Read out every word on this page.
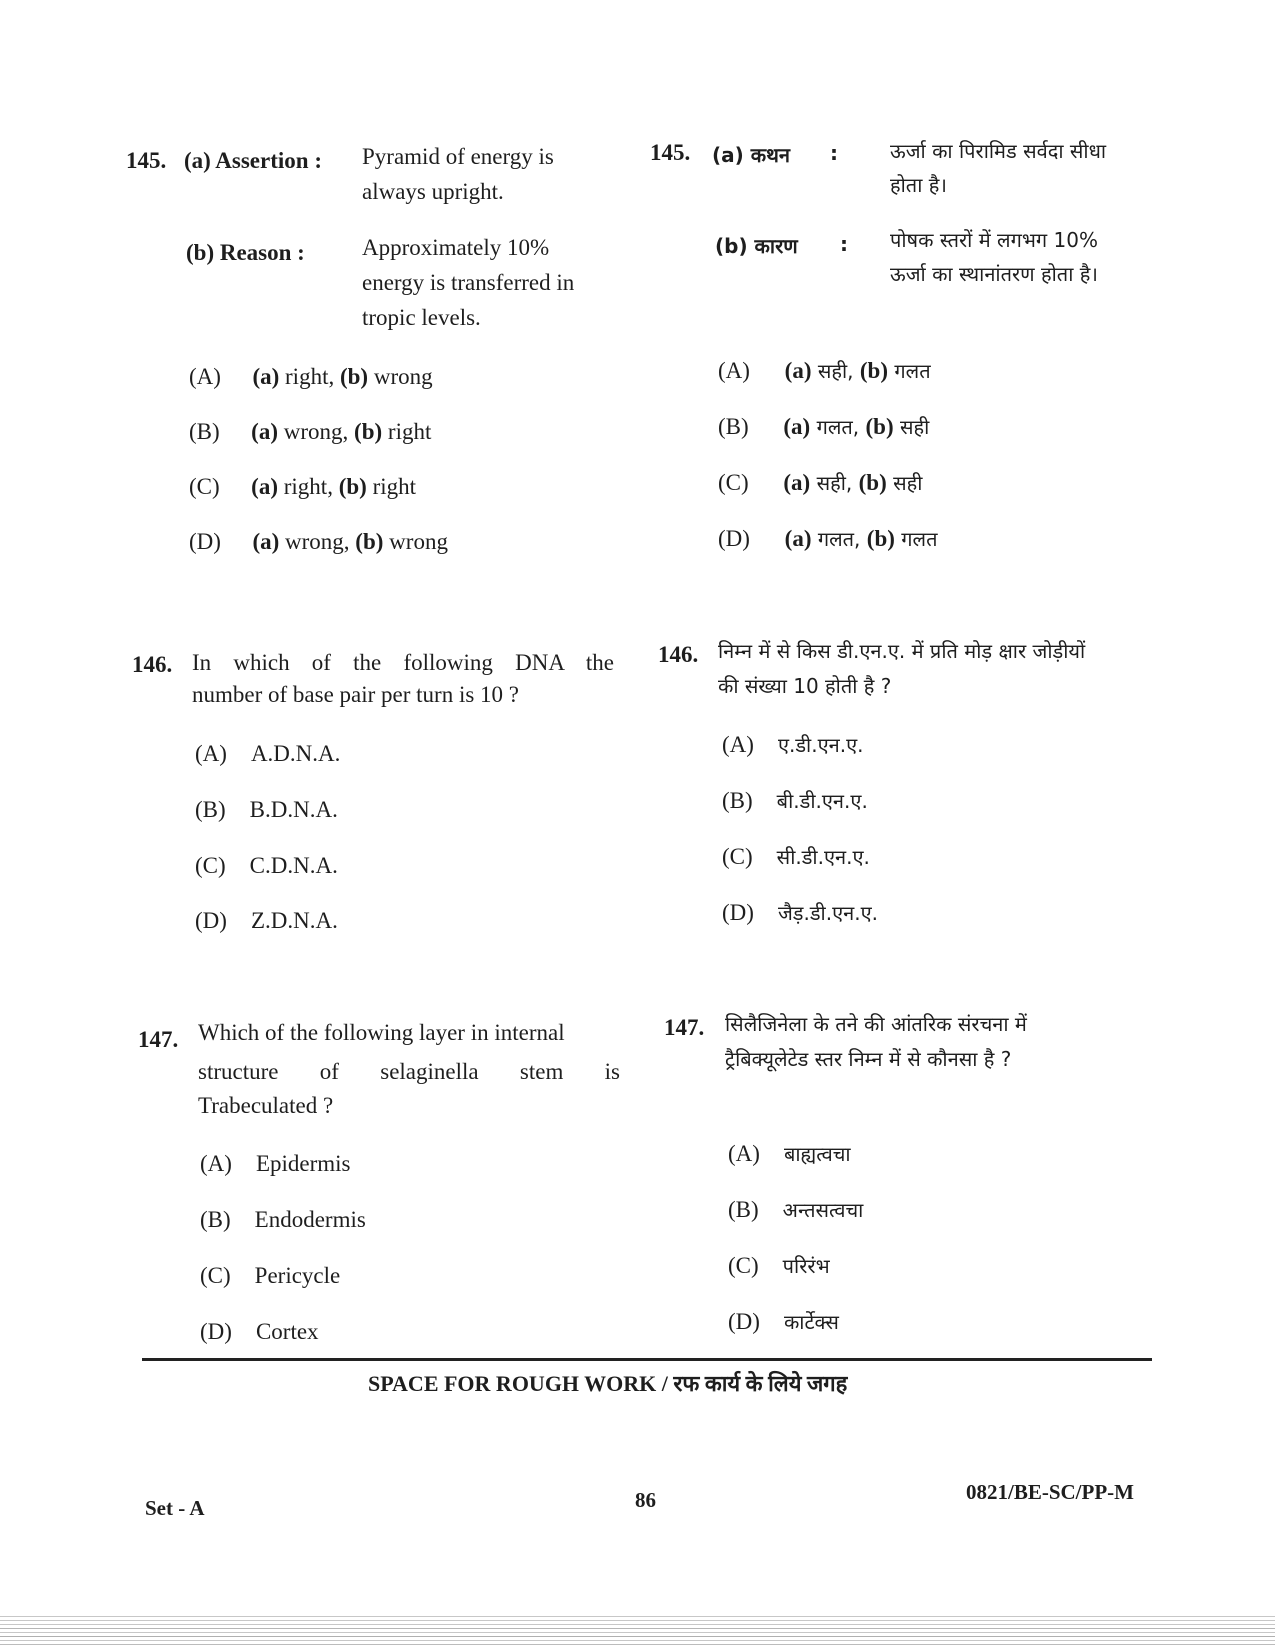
145. (a) Assertion : Pyramid of energy is
always upright.
(b) Reason : Approximately 10%
energy is transferred in
tropic levels.
(A) (a) right, (b) wrong
(B) (a) wrong, (b) right
(C) (a) right, (b) right
(D) (a) wrong, (b) wrong
145. (a) कथन :	ऊर्जा का पिरामिड सर्वदा सीधा
होता है।
(b) कारण : पोषक स्तरों में लगभग 10%
ऊर्जा का स्थानांतरण होता है।
(A) (a) सही, (b) गलत
(B) (a) गलत, (b) सही
(C) (a) सही, (b) सही
(D) (a) गलत, (b) गलत
146. In which of the following DNA the
number of base pair per turn is 10 ?
(A) A.D.N.A.
(B) B.D.N.A.
(C) C.D.N.A.
(D) Z.D.N.A.
146. निम्न में से किस डी.एन.ए. में प्रति मोड़ क्षार जोड़ीयों
की संख्या 10 होती है ?
(A) ए.डी.एन.ए.
(B) बी.डी.एन.ए.
(C) सी.डी.एन.ए.
(D) जैड़.डी.एन.ए.
147. Which of the following layer in internal
structure of selaginella stem is
Trabeculated ?
(A) Epidermis
(B) Endodermis
(C) Pericycle
(D) Cortex
147. सिलैजिनेला के तने की आंतरिक संरचना में
ट्रैबिक्यूलेटेड स्तर निम्न में से कौनसा है ?
(A) बाह्यत्वचा
(B) अन्तसत्वचा
(C) परिरंभ
(D) कार्टेक्स
SPACE FOR ROUGH WORK / रफ कार्य के लिये जगह
Set - A	86	0821/BE-SC/PP-M
